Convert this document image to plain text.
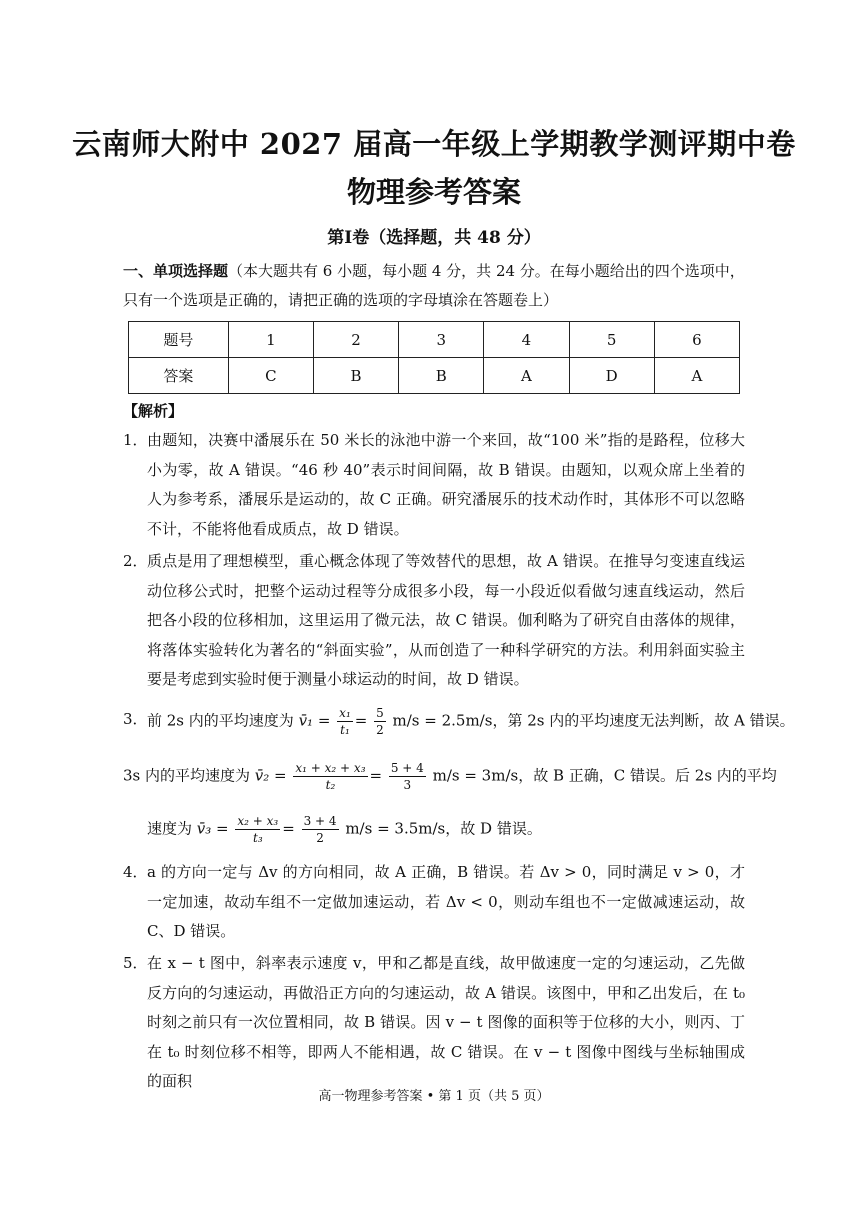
云南师大附中 2027 届高一年级上学期教学测评期中卷
物理参考答案
第Ⅰ卷（选择题，共 48 分）
一、单项选择题（本大题共有 6 小题，每小题 4 分，共 24 分。在每小题给出的四个选项中，
只有一个选项是正确的，请把正确的选项的字母填涂在答题卷上）
题号	1	2	3	4	5	6
答案	C	B	B	A	D	A
【解析】
1． 由题知，决赛中潘展乐在 50 米长的泳池中游一个来回，故“100 米”指的是路程，位移大小为零，故 A 错误。“46 秒 40”表示时间间隔，故 B 错误。由题知，以观众席上坐着的人为参考系，潘展乐是运动的，故 C 正确。研究潘展乐的技术动作时，其体形不可以忽略不计，不能将他看成质点，故 D 错误。
2． 质点是用了理想模型，重心概念体现了等效替代的思想，故 A 错误。在推导匀变速直线运动位移公式时，把整个运动过程等分成很多小段，每一小段近似看做匀速直线运动，然后把各小段的位移相加，这里运用了微元法，故 C 错误。伽利略为了研究自由落体的规律，将落体实验转化为著名的“斜面实验”，从而创造了一种科学研究的方法。利用斜面实验主要是考虑到实验时便于测量小球运动的时间，故 D 错误。
3． 前 2s 内的平均速度为 v̄₁ = $\frac{\text{x₁}}{\text{t₁}} = \frac{5}{2} m/s = 2.5m/s$，第 2s 内的平均速度无法判断，故 A 错误。
3s 内的平均速度为 v̄₂ = $\frac{\text{x₁ + x₂ + x₃}}{\text{t₂}} = \frac{5 + 4}{3} m/s = 3m/s$，故 B 正确，C 错误。后 2s 内的平均
速度为 v̄₃ = $\frac{\text{x₂ + x₃}}{\text{t₃}} = \frac{3 + 4}{2} m/s = 3.5m/s$，故 D 错误。
4． a 的方向一定与 Δv 的方向相同，故 A 正确，B 错误。若 Δv > 0，同时满足 v > 0，才一定加速，故动车组不一定做加速运动，若 Δv < 0，则动车组也不一定做减速运动，故 C、D 错误。
5． 在 x − t 图中，斜率表示速度 v，甲和乙都是直线，故甲做速度一定的匀速运动，乙先做反方向的匀速运动，再做沿正方向的匀速运动，故 A 错误。该图中，甲和乙出发后，在 t₀ 时刻之前只有一次位置相同，故 B 错误。因 v − t 图像的面积等于位移的大小，则丙、丁在 t₀ 时刻位移不相等，即两人不能相遇，故 C 错误。在 v − t 图像中图线与坐标轴围成的面积
高一物理参考答案 • 第 1 页（共 5 页）
